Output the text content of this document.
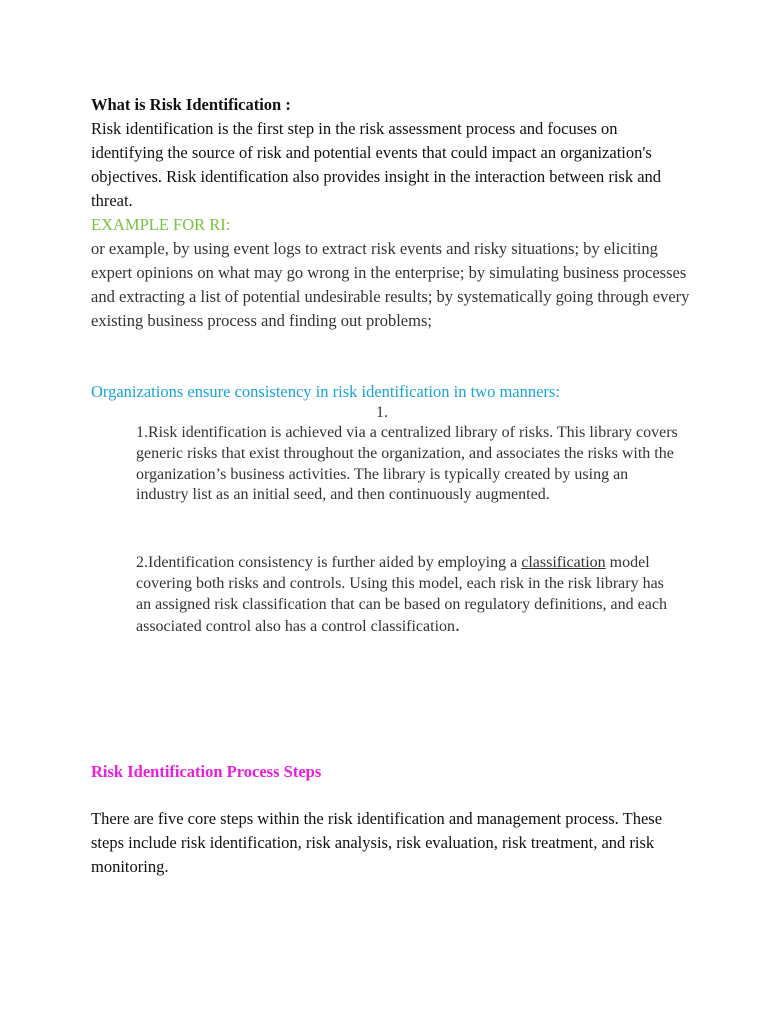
What is Risk Identification :
Risk identification is the first step in the risk assessment process and focuses on identifying the source of risk and potential events that could impact an organization's objectives. Risk identification also provides insight in the interaction between risk and threat.
EXAMPLE FOR RI:
or example, by using event logs to extract risk events and risky situations; by eliciting expert opinions on what may go wrong in the enterprise; by simulating business processes and extracting a list of potential undesirable results; by systematically going through every existing business process and finding out problems;
Organizations ensure consistency in risk identification in two manners:
1.
1.Risk identification is achieved via a centralized library of risks. This library covers generic risks that exist throughout the organization, and associates the risks with the organization’s business activities. The library is typically created by using an industry list as an initial seed, and then continuously augmented.
2.Identification consistency is further aided by employing a classification model covering both risks and controls. Using this model, each risk in the risk library has an assigned risk classification that can be based on regulatory definitions, and each associated control also has a control classification.
Risk Identification Process Steps
There are five core steps within the risk identification and management process. These steps include risk identification, risk analysis, risk evaluation, risk treatment, and risk monitoring.
